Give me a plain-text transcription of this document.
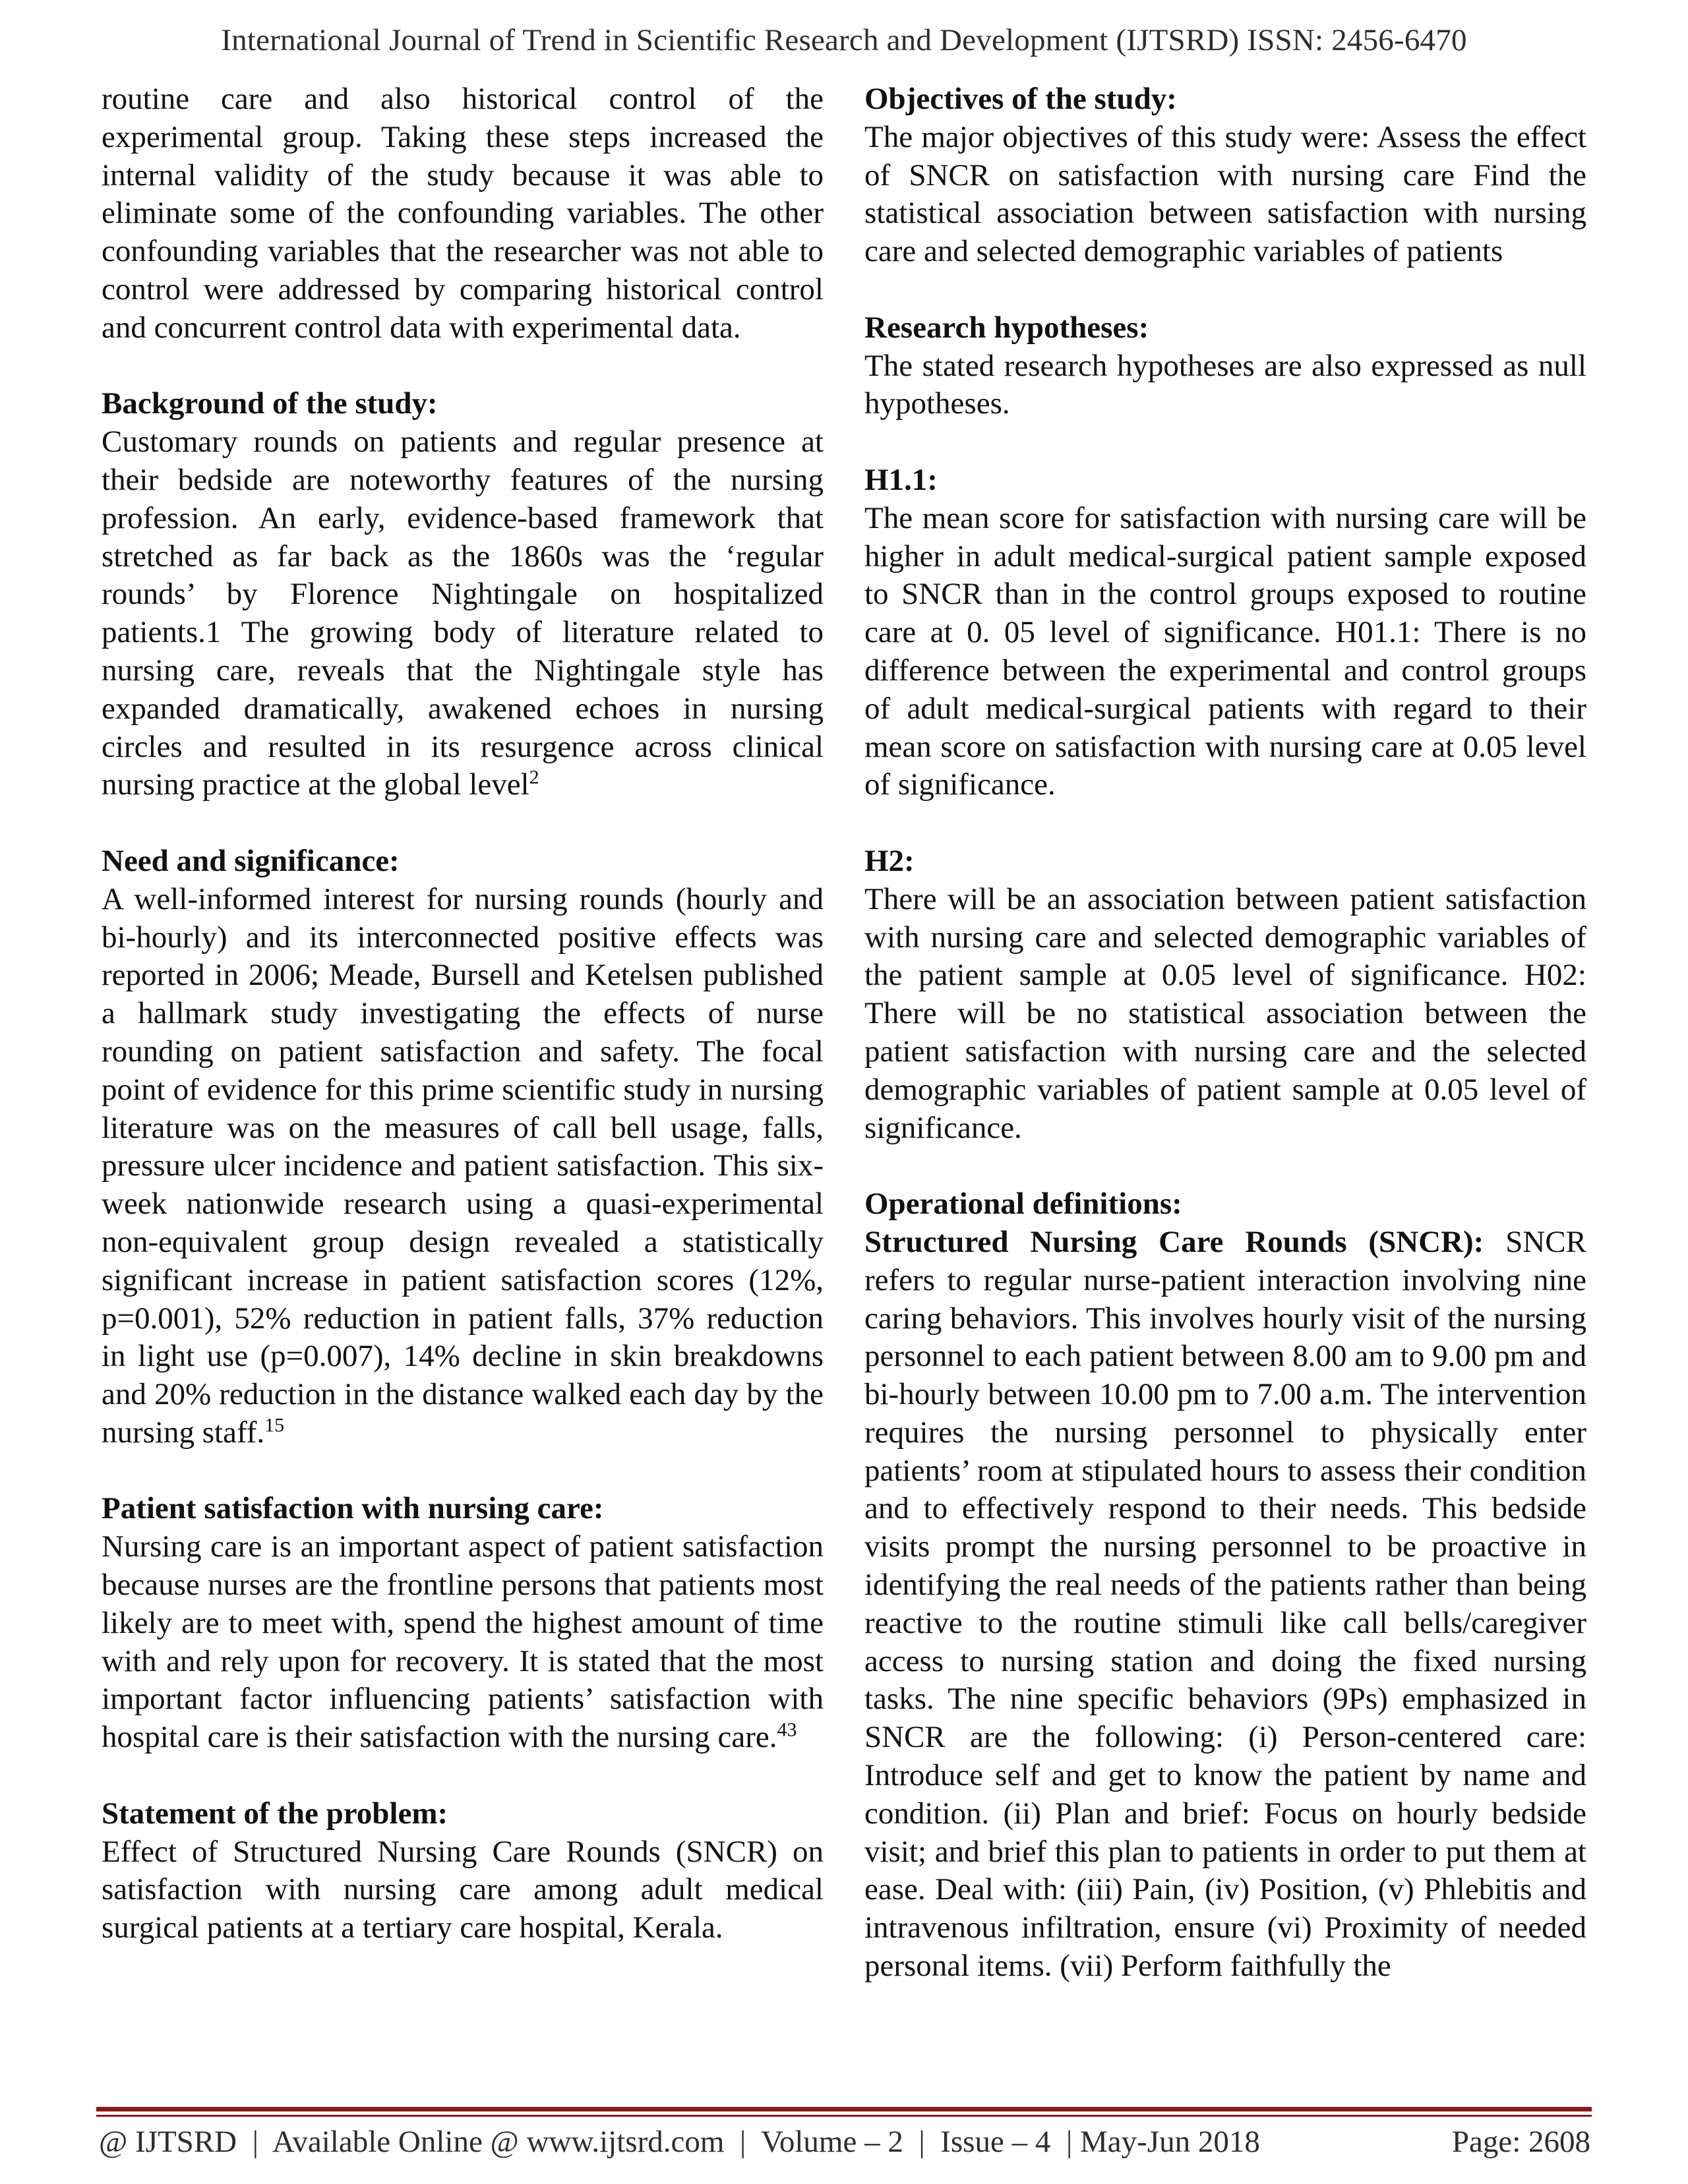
International Journal of Trend in Scientific Research and Development (IJTSRD) ISSN: 2456-6470

routine care and also historical control of the experimental group. Taking these steps increased the internal validity of the study because it was able to eliminate some of the confounding variables. The other confounding variables that the researcher was not able to control were addressed by comparing historical control and concurrent control data with experimental data.

Background of the study:

Customary rounds on patients and regular presence at their bedside are noteworthy features of the nursing profession. An early, evidence-based framework that stretched as far back as the 1860s was the ‘regular rounds’ by Florence Nightingale on hospitalized patients.1 The growing body of literature related to nursing care, reveals that the Nightingale style has expanded dramatically, awakened echoes in nursing circles and resulted in its resurgence across clinical nursing practice at the global level$^2$

Need and significance:

A well-informed interest for nursing rounds (hourly and bi-hourly) and its interconnected positive effects was reported in 2006; Meade, Bursell and Ketelsen published a hallmark study investigating the effects of nurse rounding on patient satisfaction and safety. The focal point of evidence for this prime scientific study in nursing literature was on the measures of call bell usage, falls, pressure ulcer incidence and patient satisfaction. This six-week nationwide research using a quasi-experimental non-equivalent group design revealed a statistically significant increase in patient satisfaction scores (12%, p=0.001), 52% reduction in patient falls, 37% reduction in light use (p=0.007), 14% decline in skin breakdowns and 20% reduction in the distance walked each day by the nursing staff.$^{15}$

Patient satisfaction with nursing care:

Nursing care is an important aspect of patient satisfaction because nurses are the frontline persons that patients most likely are to meet with, spend the highest amount of time with and rely upon for recovery. It is stated that the most important factor influencing patients’ satisfaction with hospital care is their satisfaction with the nursing care.$^{43}$

Statement of the problem:

Effect of Structured Nursing Care Rounds (SNCR) on satisfaction with nursing care among adult medical surgical patients at a tertiary care hospital, Kerala.

Objectives of the study:

The major objectives of this study were: Assess the effect of SNCR on satisfaction with nursing care Find the statistical association between satisfaction with nursing care and selected demographic variables of patients

Research hypotheses:

The stated research hypotheses are also expressed as null hypotheses.

H1.1:

The mean score for satisfaction with nursing care will be higher in adult medical-surgical patient sample exposed to SNCR than in the control groups exposed to routine care at 0. 05 level of significance. H01.1: There is no difference between the experimental and control groups of adult medical-surgical patients with regard to their mean score on satisfaction with nursing care at 0.05 level of significance.

H2:

There will be an association between patient satisfaction with nursing care and selected demographic variables of the patient sample at 0.05 level of significance. H02: There will be no statistical association between the patient satisfaction with nursing care and the selected demographic variables of patient sample at 0.05 level of significance.

Operational definitions:

Structured Nursing Care Rounds (SNCR): SNCR refers to regular nurse-patient interaction involving nine caring behaviors. This involves hourly visit of the nursing personnel to each patient between 8.00 am to 9.00 pm and bi-hourly between 10.00 pm to 7.00 a.m. The intervention requires the nursing personnel to physically enter patients’ room at stipulated hours to assess their condition and to effectively respond to their needs. This bedside visits prompt the nursing personnel to be proactive in identifying the real needs of the patients rather than being reactive to the routine stimuli like call bells/caregiver access to nursing station and doing the fixed nursing tasks. The nine specific behaviors (9Ps) emphasized in SNCR are the following: (i) Person-centered care: Introduce self and get to know the patient by name and condition. (ii) Plan and brief: Focus on hourly bedside visit; and brief this plan to patients in order to put them at ease. Deal with: (iii) Pain, (iv) Position, (v) Phlebitis and intravenous infiltration, ensure (vi) Proximity of needed personal items. (vii) Perform faithfully the

@ IJTSRD  |  Available Online @ www.ijtsrd.com  |  Volume – 2  |  Issue – 4  | May-Jun 2018	Page: 2608
